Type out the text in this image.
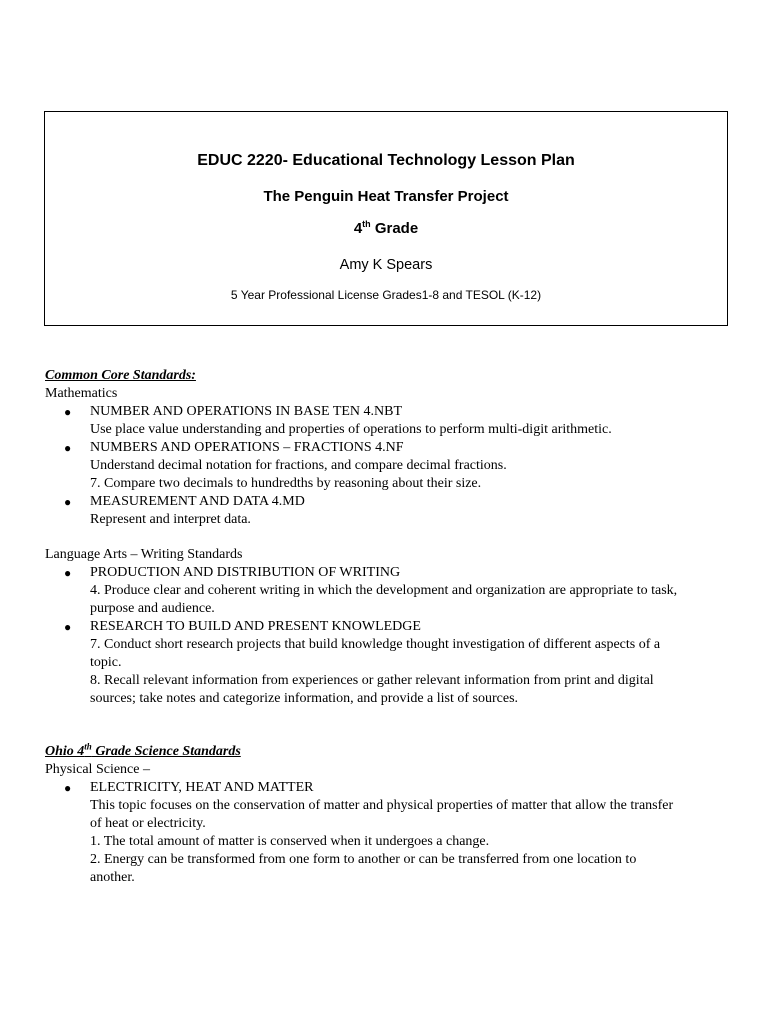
EDUC 2220- Educational Technology Lesson Plan
The Penguin Heat Transfer Project
4th Grade
Amy K Spears
5 Year Professional License Grades1-8 and TESOL (K-12)
Common Core Standards:
Mathematics
● NUMBER AND OPERATIONS IN BASE TEN 4.NBT
Use place value understanding and properties of operations to perform multi-digit arithmetic.
● NUMBERS AND OPERATIONS – FRACTIONS 4.NF
Understand decimal notation for fractions, and compare decimal fractions.
7. Compare two decimals to hundredths by reasoning about their size.
● MEASUREMENT AND DATA 4.MD
Represent and interpret data.
Language Arts – Writing Standards
● PRODUCTION AND DISTRIBUTION OF WRITING
4. Produce clear and coherent writing in which the development and organization are appropriate to task,
purpose and audience.
● RESEARCH TO BUILD AND PRESENT KNOWLEDGE
7. Conduct short research projects that build knowledge thought investigation of different aspects of a
topic.
8. Recall relevant information from experiences or gather relevant information from print and digital
sources; take notes and categorize information, and provide a list of sources.
Ohio 4th Grade Science Standards
Physical Science –
● ELECTRICITY, HEAT AND MATTER
This topic focuses on the conservation of matter and physical properties of matter that allow the transfer
of heat or electricity.
1. The total amount of matter is conserved when it undergoes a change.
2. Energy can be transformed from one form to another or can be transferred from one location to
another.
